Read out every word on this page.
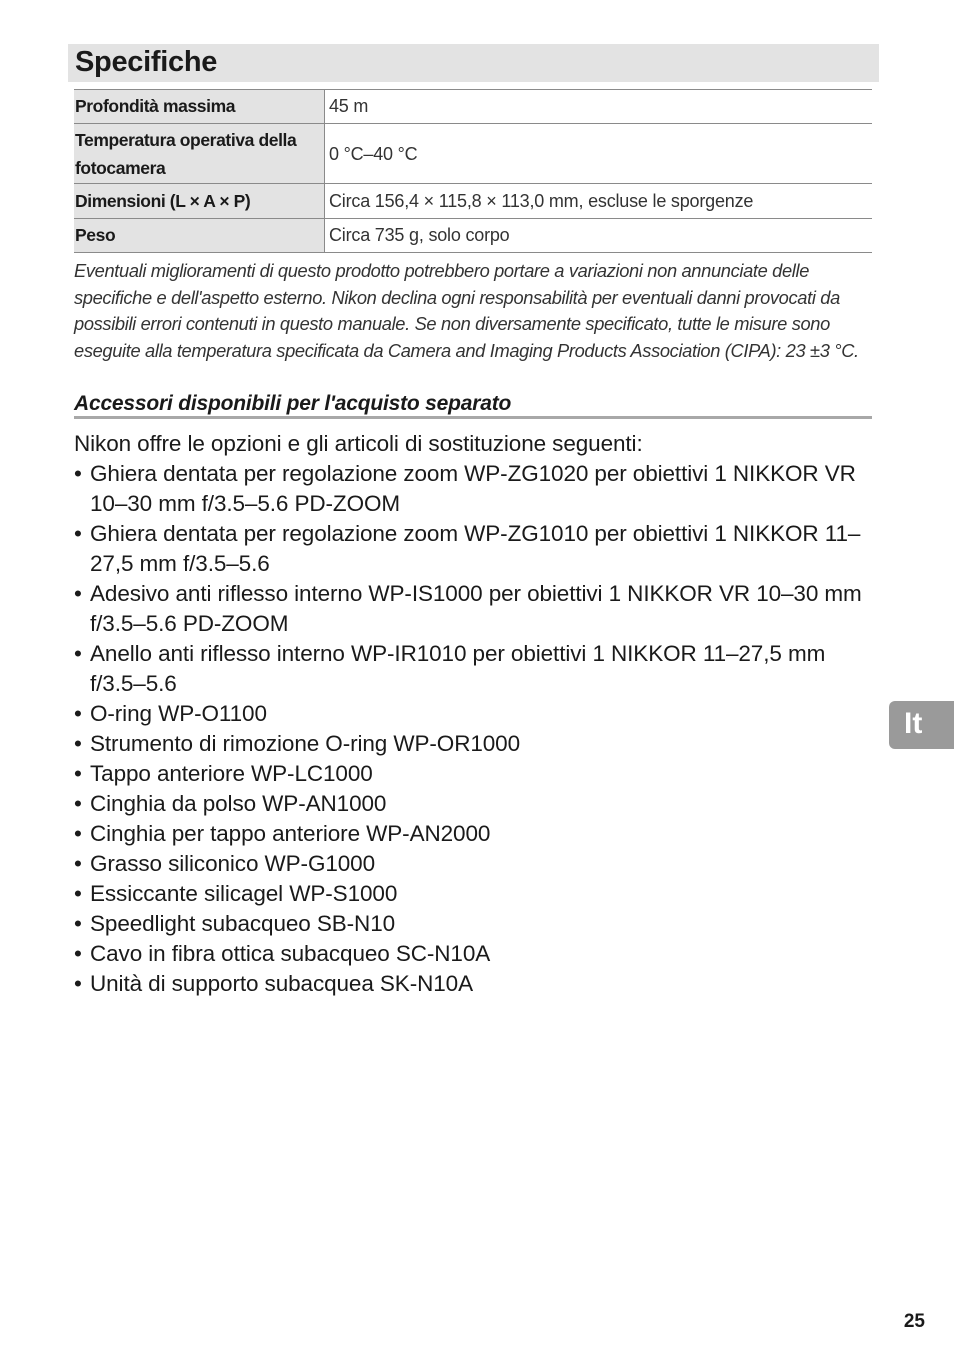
Specifiche
Profondità massima	45 m
Temperatura operativa della fotocamera	0 °C–40 °C
Dimensioni (L × A × P)	Circa 156,4 × 115,8 × 113,0 mm, escluse le sporgenze
Peso	Circa 735 g, solo corpo

Eventuali miglioramenti di questo prodotto potrebbero portare a variazioni non annunciate delle specifiche e dell'aspetto esterno. Nikon declina ogni responsabilità per eventuali danni provocati da possibili errori contenuti in questo manuale. Se non diversamente specificato, tutte le misure sono eseguite alla temperatura specificata da Camera and Imaging Products Association (CIPA): 23 ±3 °C.

Accessori disponibili per l'acquisto separato

Nikon offre le opzioni e gli articoli di sostituzione seguenti:

• Ghiera dentata per regolazione zoom WP-ZG1020 per obiettivi 1 NIKKOR VR 10–30 mm f/3.5–5.6 PD-ZOOM
• Ghiera dentata per regolazione zoom WP-ZG1010 per obiettivi 1 NIKKOR 11–27,5 mm f/3.5–5.6
• Adesivo anti riflesso interno WP-IS1000 per obiettivi 1 NIKKOR VR 10–30 mm f/3.5–5.6 PD-ZOOM
• Anello anti riflesso interno WP-IR1010 per obiettivi 1 NIKKOR 11–27,5 mm f/3.5–5.6
• O-ring WP-O1100
• Strumento di rimozione O-ring WP-OR1000
• Tappo anteriore WP-LC1000
• Cinghia da polso WP-AN1000
• Cinghia per tappo anteriore WP-AN2000
• Grasso siliconico WP-G1000
• Essiccante silicagel WP-S1000
• Speedlight subacqueo SB-N10
• Cavo in fibra ottica subacqueo SC-N10A
• Unità di supporto subacquea SK-N10A
It
25
